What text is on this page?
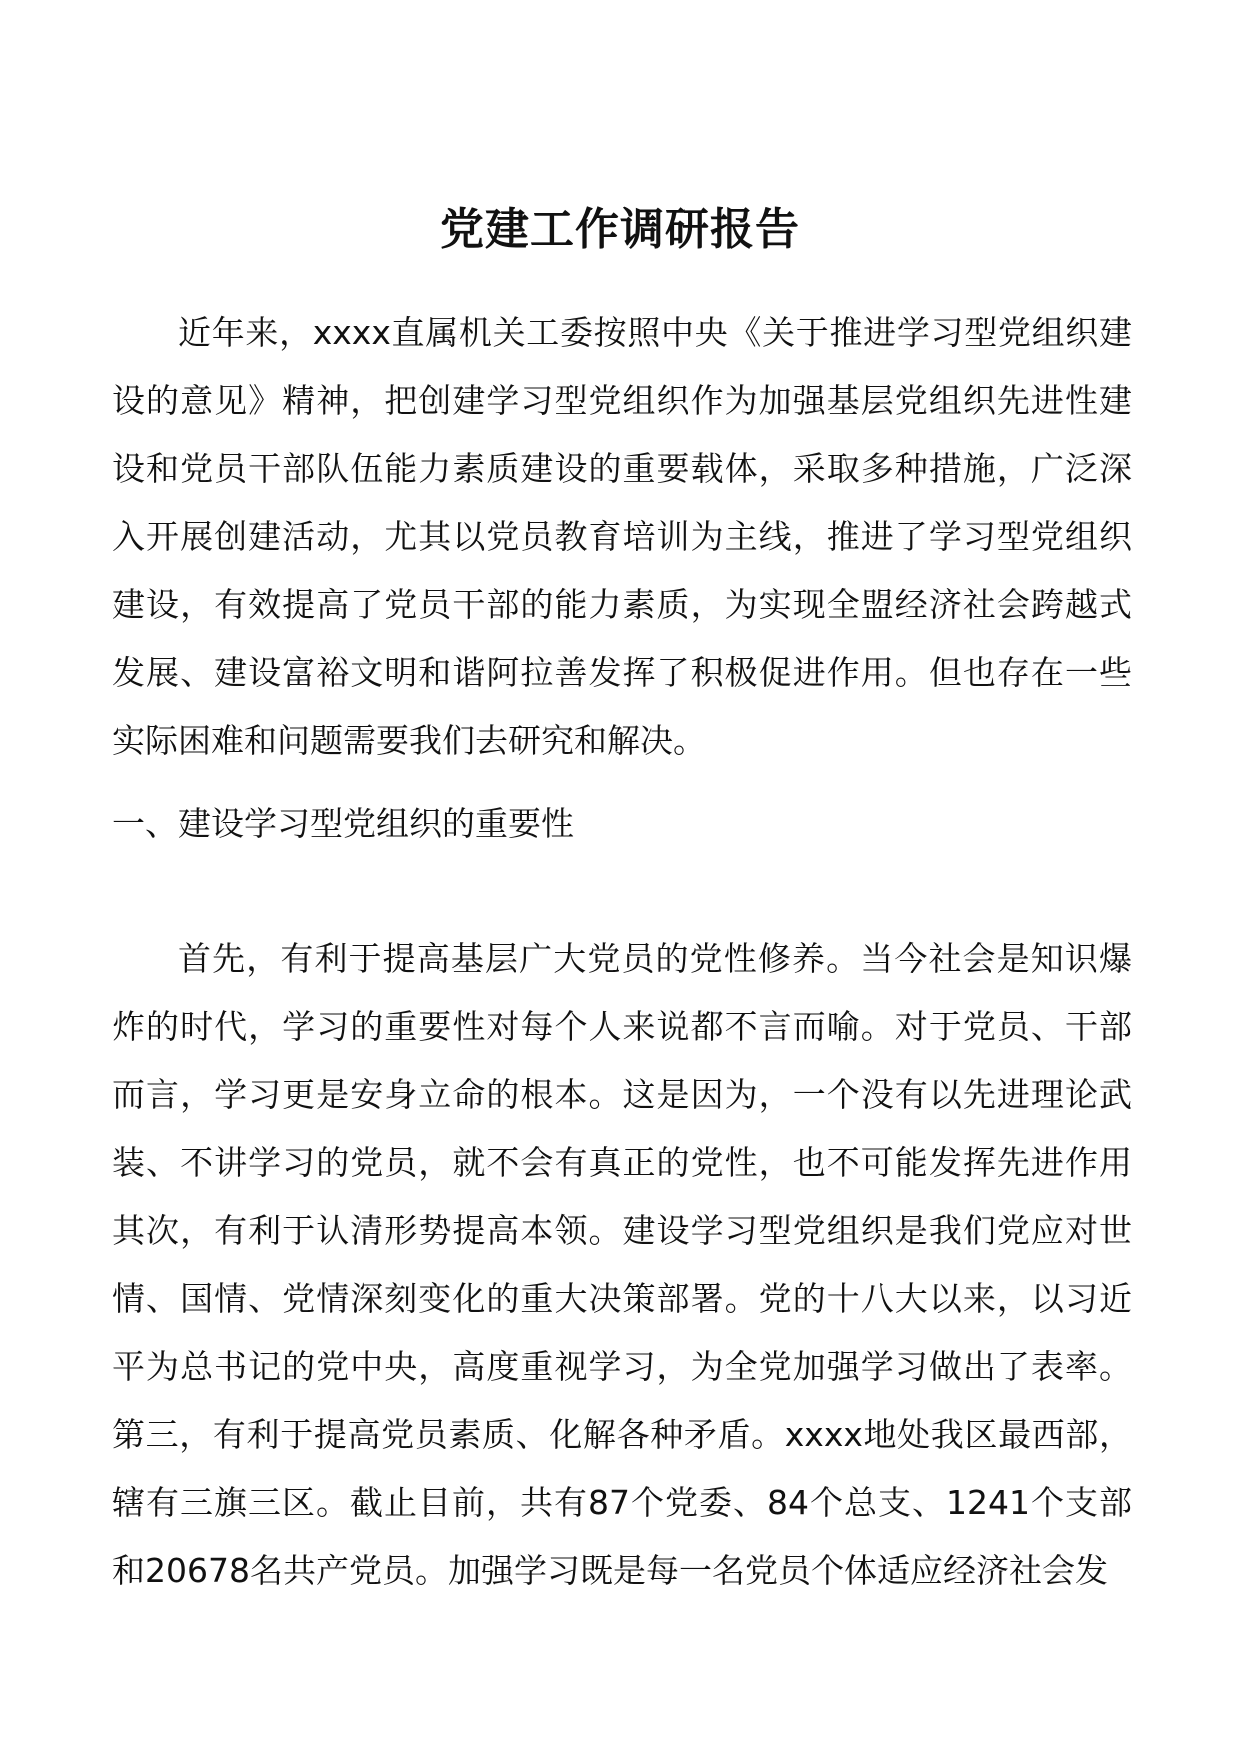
党建工作调研报告

近年来，xxxx直属机关工委按照中央《关于推进学习型党组织建设的意见》精神，把创建学习型党组织作为加强基层党组织先进性建设和党员干部队伍能力素质建设的重要载体，采取多种措施，广泛深入开展创建活动，尤其以党员教育培训为主线，推进了学习型党组织建设，有效提高了党员干部的能力素质，为实现全盟经济社会跨越式发展、建设富裕文明和谐阿拉善发挥了积极促进作用。但也存在一些实际困难和问题需要我们去研究和解决。

一、建设学习型党组织的重要性

首先，有利于提高基层广大党员的党性修养。当今社会是知识爆炸的时代，学习的重要性对每个人来说都不言而喻。对于党员、干部而言，学习更是安身立命的根本。这是因为，一个没有以先进理论武装、不讲学习的党员，就不会有真正的党性，也不可能发挥先进作用其次，有利于认清形势提高本领。建设学习型党组织是我们党应对世情、国情、党情深刻变化的重大决策部署。党的十八大以来，以习近平为总书记的党中央，高度重视学习，为全党加强学习做出了表率。第三，有利于提高党员素质、化解各种矛盾。xxxx地处我区最西部，辖有三旗三区。截止目前，共有87个党委、84个总支、1241个支部和20678名共产党员。加强学习既是每一名党员个体适应经济社会发
